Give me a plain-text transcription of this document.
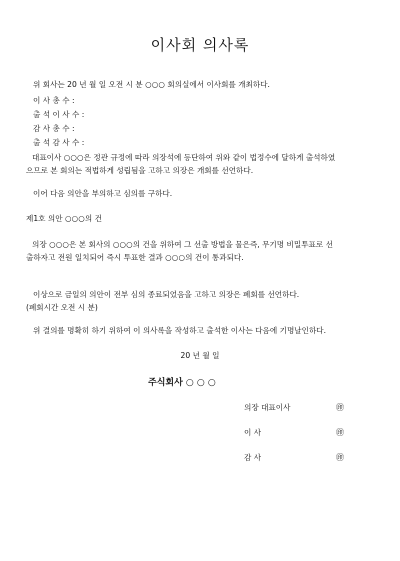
이사회 의사록
위 회사는 20 년 월 일 오전 시 분 ○○○ 회의실에서 이사회를 개최하다.
이 사 총 수 :
출 석 이 사 수 :
감 사 총 수 :
출 석 감 사 수 :
대표이사 ○○○은 정관 규정에 따라 의장석에 등단하여 위와 같이 법정수에 달하게 출석하였
으므로 본 회의는 적법하게 성립됨을 고하고 의장은 개회를 선언하다.
이어 다음 의안을 부의하고 심의를 구하다.
제1호 의안 ○○○의 건
의장 ○○○은 본 회사의 ○○○의 건을 위하여 그 선출 방법을 물은즉, 무기명 비밀투표로 선
출하자고 전원 일치되어 즉시 투표한 결과 ○○○의 건이 통과되다.
이상으로 금일의 의안이 전부 심의 종료되었음을 고하고 의장은 폐회를 선언하다.
(폐회시간 오전 시 분)
위 결의를 명확히 하기 위하여 이 의사록을 작성하고 출석한 이사는 다음에 기명날인하다.
20 년 월 일
주식회사 ○ ○ ○
의장 대표이사	㊞
이 사	㊞
감 사	㊞
